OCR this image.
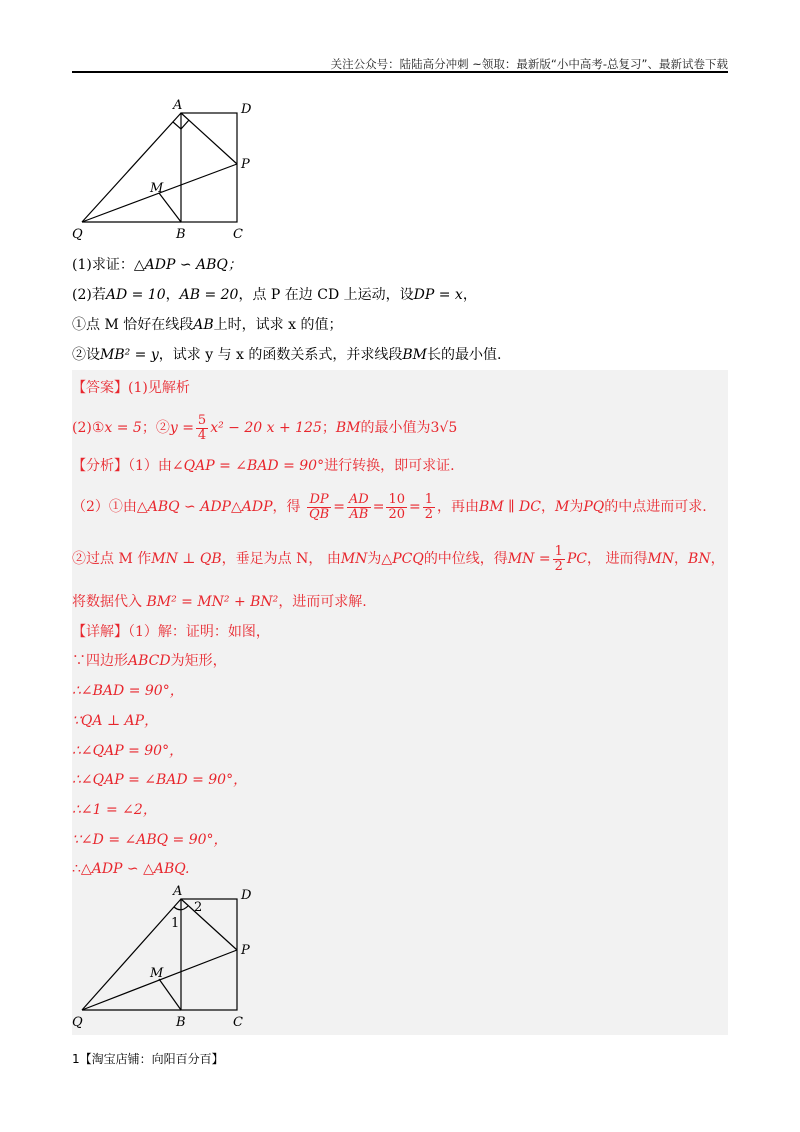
关注公众号：陆陆高分冲刺 ~领取：最新版“小中高考-总复习”、最新试卷下载
A	D
P
M
Q	B	C
(1)求证：△ADP ∽ ABQ；
(2)若AD = 10，AB = 20，点 P 在边 CD 上运动，设DP = x，
①点 M 恰好在线段AB上时，试求 x 的值；
②设MB² = y，试求 y 与 x 的函数关系式，并求线段BM长的最小值.
【答案】(1)见解析
(2)①x = 5；②y = $\frac{5}{4} x^2 - 20$ x + 125；BM的最小值为3√5
【分析】（1）由∠QAP = ∠BAD = 90°进行转换，即可求证.
（2）①由△ABQ ∽ ADP△ADP，得 $\frac{DP}{QB} = \frac{AD}{AB} = \frac{10}{20} = \frac{1}{2}$ ，再由BM ∥ DC，M为PQ的中点进而可求.
②过点 M 作MN ⊥ QB，垂足为点 N， 由MN为△PCQ的中位线，得MN = $\frac{1}{2}$ PC， 进而得MN，BN，
将数据代入 BM² = MN² + BN²，进而可求解.
【详解】（1）解：证明：如图，
∵四边形ABCD为矩形，
∴∠BAD = 90°，
∵QA ⊥ AP，
∴∠QAP = 90°，
∴∠QAP = ∠BAD = 90°，
∴∠1 = ∠2，
∵∠D = ∠ABQ = 90°，
∴△ADP ∽ △ABQ.
A	D
P
M
Q	B	C
1
2
1【淘宝店铺：向阳百分百】
